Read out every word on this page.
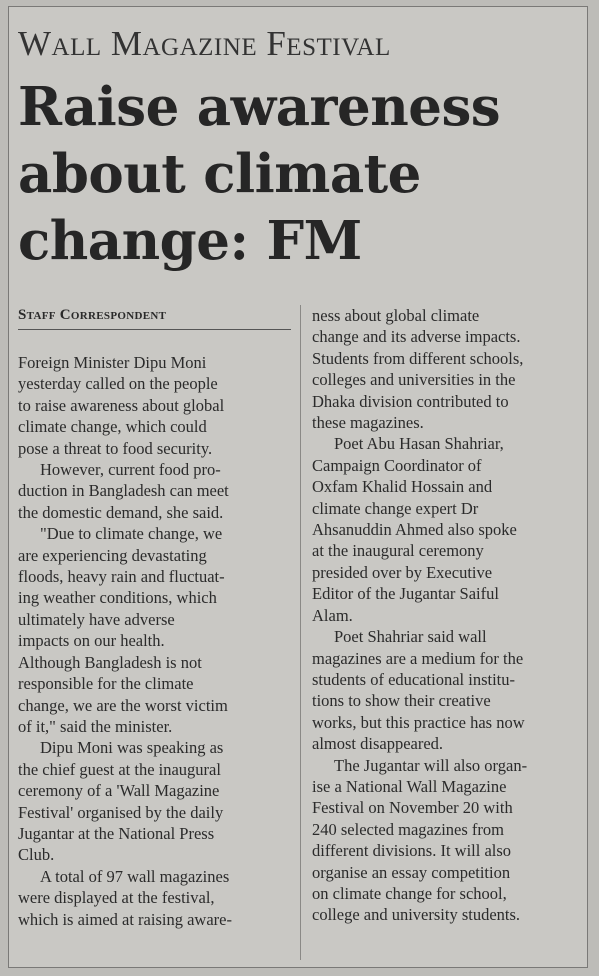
Wall Magazine Festival
Raise awareness
about climate
change: FM
Staff Correspondent

Foreign Minister Dipu Moni

yesterday called on the people

to raise awareness about global

climate change, which could

pose a threat to food security.

However, current food pro-

duction in Bangladesh can meet

the domestic demand, she said.

"Due to climate change, we

are experiencing devastating

floods, heavy rain and fluctuat-

ing weather conditions, which

ultimately have adverse

impacts on our health.

Although Bangladesh is not

responsible for the climate

change, we are the worst victim

of it," said the minister.

Dipu Moni was speaking as

the chief guest at the inaugural

ceremony of a 'Wall Magazine

Festival' organised by the daily

Jugantar at the National Press

Club.

A total of 97 wall magazines

were displayed at the festival,

which is aimed at raising aware-

ness about global climate

change and its adverse impacts.

Students from different schools,

colleges and universities in the

Dhaka division contributed to

these magazines.

Poet Abu Hasan Shahriar,

Campaign Coordinator of

Oxfam Khalid Hossain and

climate change expert Dr

Ahsanuddin Ahmed also spoke

at the inaugural ceremony

presided over by Executive

Editor of the Jugantar Saiful

Alam.

Poet Shahriar said wall

magazines are a medium for the

students of educational institu-

tions to show their creative

works, but this practice has now

almost disappeared.

The Jugantar will also organ-

ise a National Wall Magazine

Festival on November 20 with

240 selected magazines from

different divisions. It will also

organise an essay competition

on climate change for school,

college and university students.
